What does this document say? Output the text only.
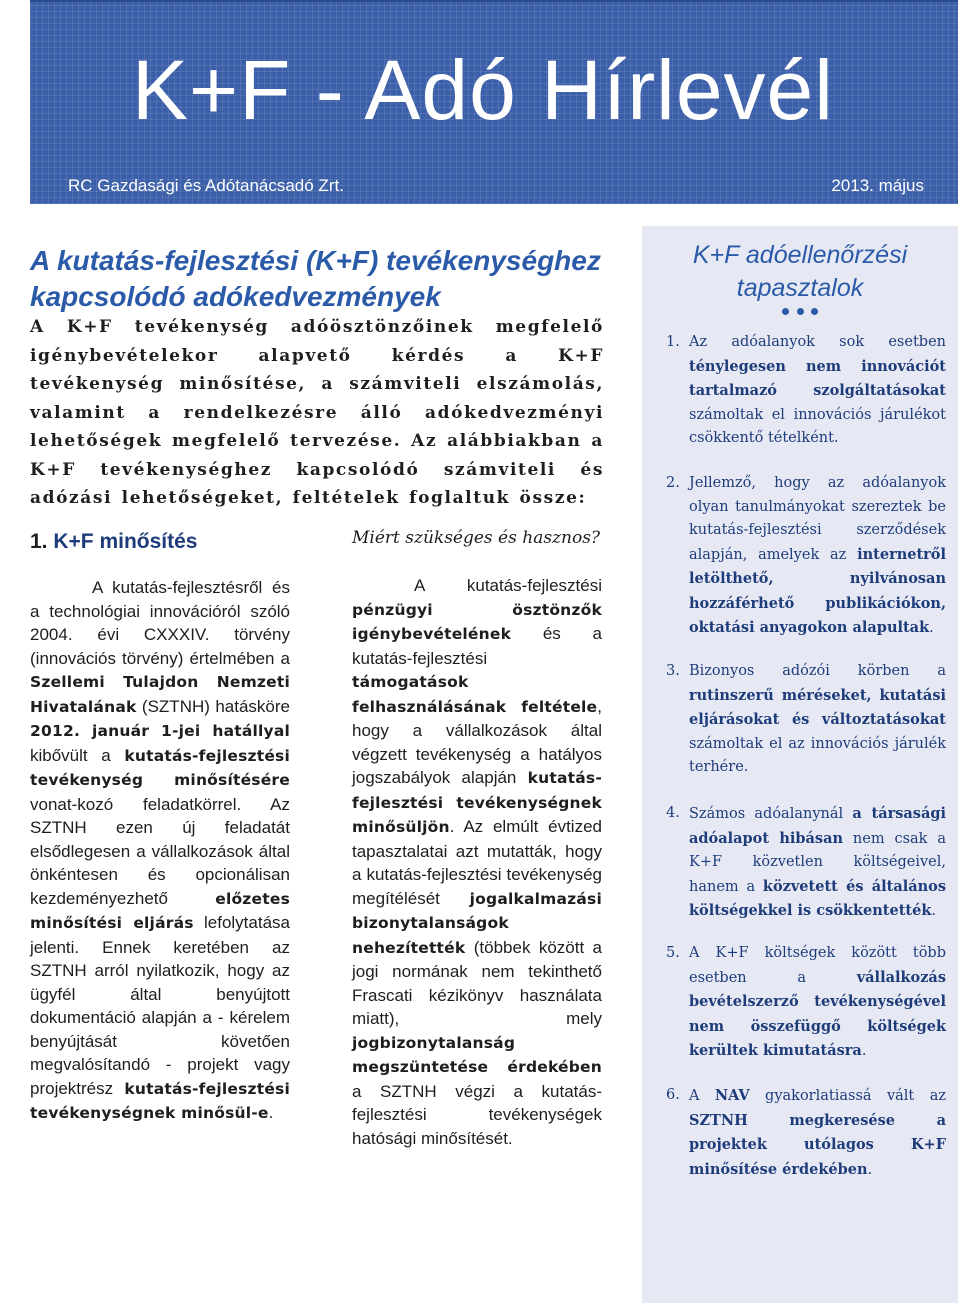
K+F - Adó Hírlevél
RC Gazdasági és Adótanácsadó Zrt.	2013. május
A kutatás-fejlesztési (K+F) tevékenységhez kapcsolódó adókedvezmények

A K+F tevékenység adóösztönzőinek megfelelő igénybevételekor alapvető kérdés a K+F tevékenység minősítése, a számviteli elszámolás, valamint a rendelkezésre álló adókedvezményi lehetőségek megfelelő tervezése. Az alábbiakban a K+F tevékenységhez kapcsolódó számviteli és adózási lehetőségeket, feltételek foglaltuk össze:

1. K+F minősítés	Miért szükséges és hasznos?

A kutatás-fejlesztésről és a technológiai innovációról szóló 2004. évi CXXXIV. törvény (innovációs törvény) értelmében a Szellemi Tulajdon Nemzeti Hivatalának (SZTNH) hatásköre 2012. január 1-jei hatállyal kibővült a kutatás-fejlesztési tevékenység minősítésére vonat-kozó feladatkörrel. Az SZTNH ezen új feladatát elsődlegesen a vállalkozások által önkéntesen és opcionálisan kezdeményezhető előzetes minősítési eljárás lefolytatása jelenti. Ennek keretében az SZTNH arról nyilatkozik, hogy az ügyfél által benyújtott dokumentáció alapján a - kérelem benyújtását követően megvalósítandó - projekt vagy projektrész kutatás-fejlesztési tevékenységnek minősül-e.

A kutatás-fejlesztési pénzügyi ösztönzők igénybevételének és a kutatás-fejlesztési támogatások felhasználásának feltétele, hogy a vállalkozások által végzett tevékenység a hatályos jogszabályok alapján kutatás-fejlesztési tevékenységnek minősüljön. Az elmúlt évtized tapasztalatai azt mutatták, hogy a kutatás-fejlesztési tevékenység megítélését jogalkalmazási bizonytalanságok nehezítették (többek között a jogi normának nem tekinthető Frascati kézikönyv használata miatt), mely jogbizonytalanság megszüntetése érdekében a SZTNH végzi a kutatás-fejlesztési tevékenységek hatósági minősítését.

K+F adóellenőrzési tapasztalok
1. Az adóalanyok sok esetben ténylegesen nem innovációt tartalmazó szolgáltatásokat számoltak el innovációs járulékot csökkentő tételként.
2. Jellemző, hogy az adóalanyok olyan tanulmányokat szereztek be kutatás-fejlesztési szerződések alapján, amelyek az internetről letölthető, nyilvánosan hozzáférhető publikációkon, oktatási anyagokon alapultak.
3. Bizonyos adózói körben a rutinszerű méréseket, kutatási eljárásokat és változtatásokat számoltak el az innovációs járulék terhére.
4. Számos adóalanynál a társasági adóalapot hibásan nem csak a K+F közvetlen költségeivel, hanem a közvetett és általános költségekkel is csökkentették.
5. A K+F költségek között több esetben a vállalkozás bevételszerző tevékenységével nem összefüggő költségek kerültek kimutatásra.
6. A NAV gyakorlatiassá vált az SZTNH megkeresése a projektek utólagos K+F minősítése érdekében.
